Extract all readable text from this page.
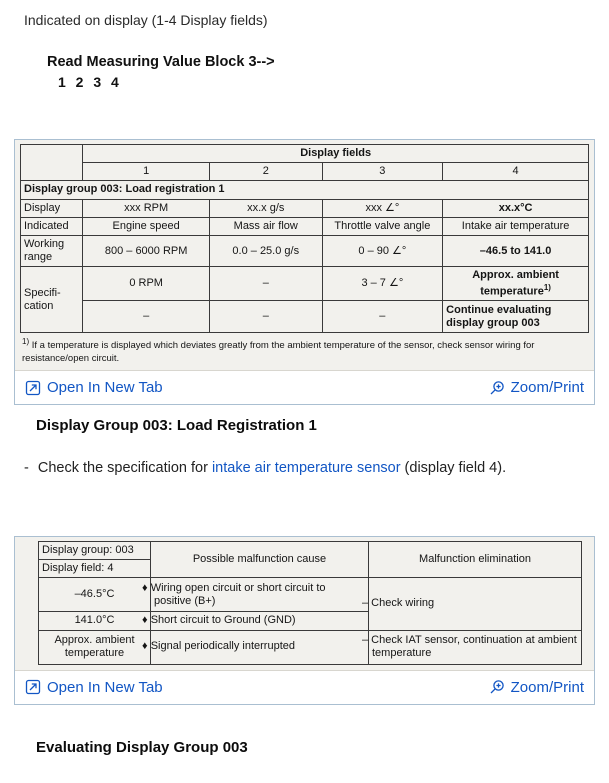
Indicated on display (1-4 Display fields)
Read Measuring Value Block 3-->
1 2 3 4
	Display fields			
	1	2	3	4
Display group 003: Load registration 1				
Display	xxx RPM	xx.x g/s	xxx ∠°	xx.x°C
Indicated	Engine speed	Mass air flow	Throttle valve angle	Intake air temperature
Working range	800 – 6000 RPM	0.0 – 25.0 g/s	0 – 90 ∠°	–46.5 to 141.0
Specifi-cation	0 RPM	–	3 – 7 ∠°	Approx. ambient temperature$^{1)}$
	–	–	–	Continue evaluating display group 003
$^{1)}$ If a temperature is displayed which deviates greatly from the ambient temperature of the sensor, check sensor wiring for resistance/open circuit.
Open In New Tab	Zoom/Print
Display Group 003: Load Registration 1
- Check the specification for intake air temperature sensor (display field 4).
Display group: 003	Possible malfunction cause	Malfunction elimination
Display field: 4		
–46.5°C	♦ Wiring open circuit or short circuit to positive (B+)	– Check wiring
141.0°C	♦ Short circuit to Ground (GND)	
Approx. ambient temperature	♦ Signal periodically interrupted	– Check IAT sensor, continuation at ambient temperature
Open In New Tab	Zoom/Print
Evaluating Display Group 003
